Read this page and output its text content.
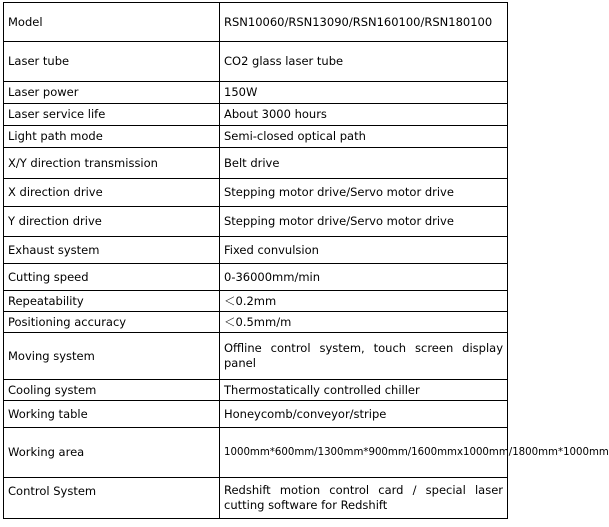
Model	RSN10060/RSN13090/RSN160100/RSN180100
Laser tube	CO2 glass laser tube
Laser power	150W
Laser service life	About 3000 hours
Light path mode	Semi-closed optical path
X/Y direction transmission	Belt drive
X direction drive	Stepping motor drive/Servo motor drive
Y direction drive	Stepping motor drive/Servo motor drive
Exhaust system	Fixed convulsion
Cutting speed	0-36000mm/min
Repeatability	＜0.2mm
Positioning accuracy	＜0.5mm/m
Moving system	Offline control system, touch screen display panel
Cooling system	Thermostatically controlled chiller
Working table	Honeycomb/conveyor/stripe
Working area	1000mm*600mm/1300mm*900mm/1600mmx1000mm/1800mm*1000mm
Control System	Redshift motion control card / special laser cutting software for Redshift
